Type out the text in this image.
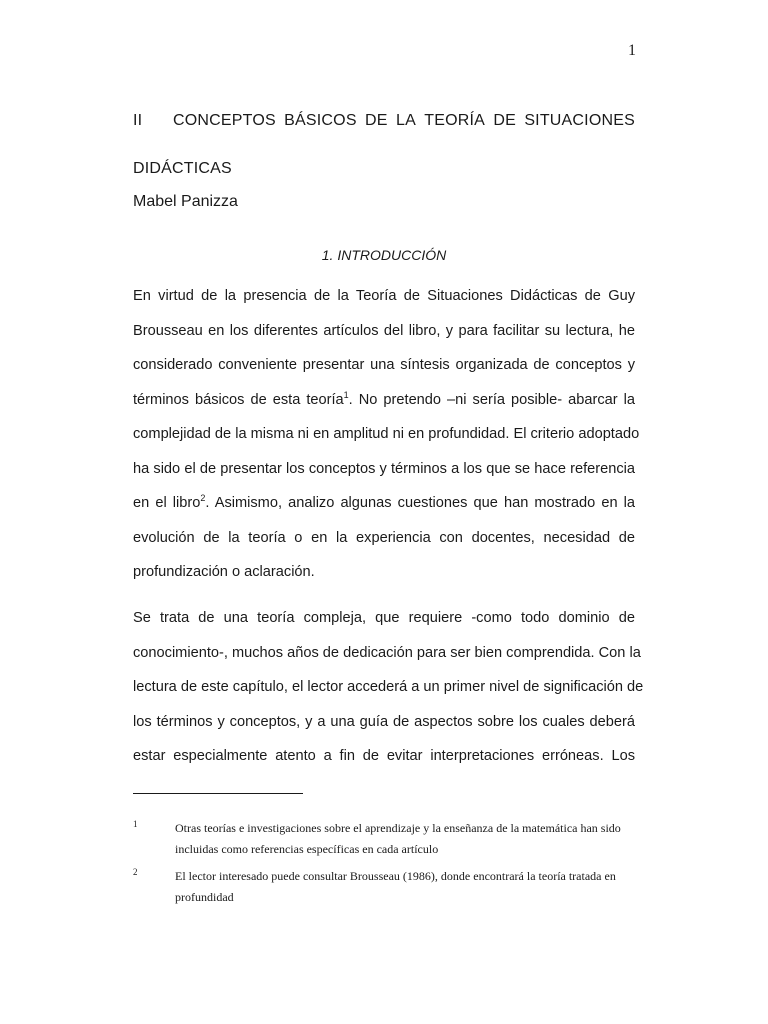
1
II	CONCEPTOS BÁSICOS DE LA TEORÍA DE SITUACIONES
DIDÁCTICAS
Mabel Panizza
1. INTRODUCCIÓN

En virtud de la presencia de la Teoría de Situaciones Didácticas de Guy
Brousseau en los diferentes artículos del libro, y para facilitar su lectura, he
considerado conveniente presentar una síntesis organizada de conceptos y
términos básicos de esta teoría$^1$. No pretendo –ni sería posible- abarcar la
complejidad de la misma ni en amplitud ni en profundidad. El criterio adoptado
ha sido el de presentar los conceptos y términos a los que se hace referencia
en el libro$^2$. Asimismo, analizo algunas cuestiones que han mostrado en la
evolución de la teoría o en la experiencia con docentes, necesidad de
profundización o aclaración.

Se trata de una teoría compleja, que requiere -como todo dominio de
conocimiento-, muchos años de dedicación para ser bien comprendida. Con la
lectura de este capítulo, el lector accederá a un primer nivel de significación de
los términos y conceptos, y a una guía de aspectos sobre los cuales deberá
estar especialmente atento a fin de evitar interpretaciones erróneas. Los

1	Otras teorías e investigaciones sobre el aprendizaje y la enseñanza de la matemática han sido
incluidas como referencias específicas en cada artículo
2	El lector interesado puede consultar Brousseau (1986), donde encontrará la teoría tratada en
profundidad
